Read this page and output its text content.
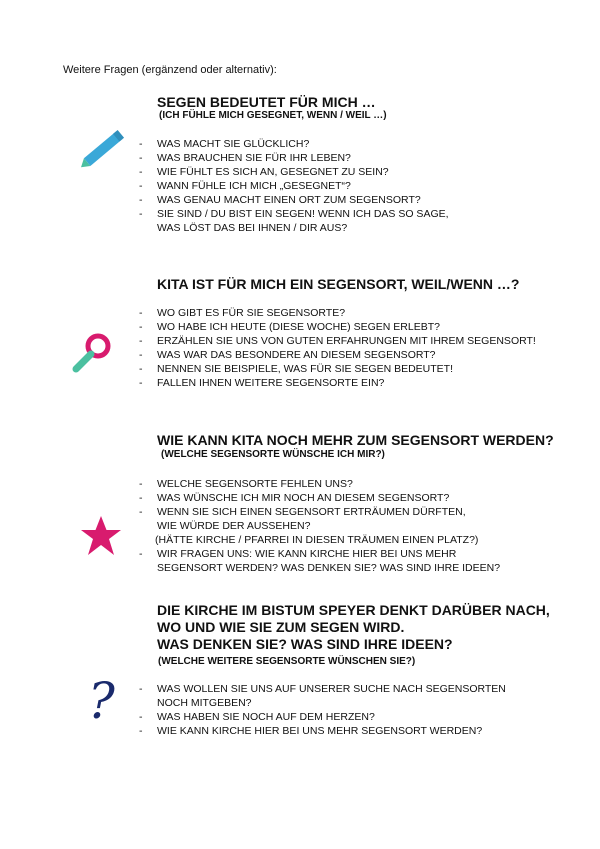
Weitere Fragen (ergänzend oder alternativ):
SEGEN BEDEUTET FÜR MICH …
(ICH FÜHLE MICH GESEGNET, WENN / WEIL …)
- WAS MACHT SIE GLÜCKLICH?
- WAS BRAUCHEN SIE FÜR IHR LEBEN?
- WIE FÜHLT ES SICH AN, GESEGNET ZU SEIN?
- WANN FÜHLE ICH MICH „GESEGNET“?
- WAS GENAU MACHT EINEN ORT ZUM SEGENSORT?
- SIE SIND / DU BIST EIN SEGEN! WENN ICH DAS SO SAGE,
WAS LÖST DAS BEI IHNEN / DIR AUS?
KITA IST FÜR MICH EIN SEGENSORT, WEIL/WENN …?
- WO GIBT ES FÜR SIE SEGENSORTE?
- WO HABE ICH HEUTE (DIESE WOCHE) SEGEN ERLEBT?
- ERZÄHLEN SIE UNS VON GUTEN ERFAHRUNGEN MIT IHREM SEGENSORT!
- WAS WAR DAS BESONDERE AN DIESEM SEGENSORT?
- NENNEN SIE BEISPIELE, WAS FÜR SIE SEGEN BEDEUTET!
- FALLEN IHNEN WEITERE SEGENSORTE EIN?
WIE KANN KITA NOCH MEHR ZUM SEGENSORT WERDEN?
(WELCHE SEGENSORTE WÜNSCHE ICH MIR?)
- WELCHE SEGENSORTE FEHLEN UNS?
- WAS WÜNSCHE ICH MIR NOCH AN DIESEM SEGENSORT?
- WENN SIE SICH EINEN SEGENSORT ERTRÄUMEN DÜRFTEN,
WIE WÜRDE DER AUSSEHEN?
(HÄTTE KIRCHE / PFARREI IN DIESEN TRÄUMEN EINEN PLATZ?)
- WIR FRAGEN UNS: WIE KANN KIRCHE HIER BEI UNS MEHR
SEGENSORT WERDEN? WAS DENKEN SIE? WAS SIND IHRE IDEEN?
DIE KIRCHE IM BISTUM SPEYER DENKT DARÜBER NACH,
WO UND WIE SIE ZUM SEGEN WIRD.
WAS DENKEN SIE? WAS SIND IHRE IDEEN?
(WELCHE WEITERE SEGENSORTE WÜNSCHEN SIE?)
? - WAS WOLLEN SIE UNS AUF UNSERER SUCHE NACH SEGENSORTEN
NOCH MITGEBEN?
- WAS HABEN SIE NOCH AUF DEM HERZEN?
- WIE KANN KIRCHE HIER BEI UNS MEHR SEGENSORT WERDEN?
